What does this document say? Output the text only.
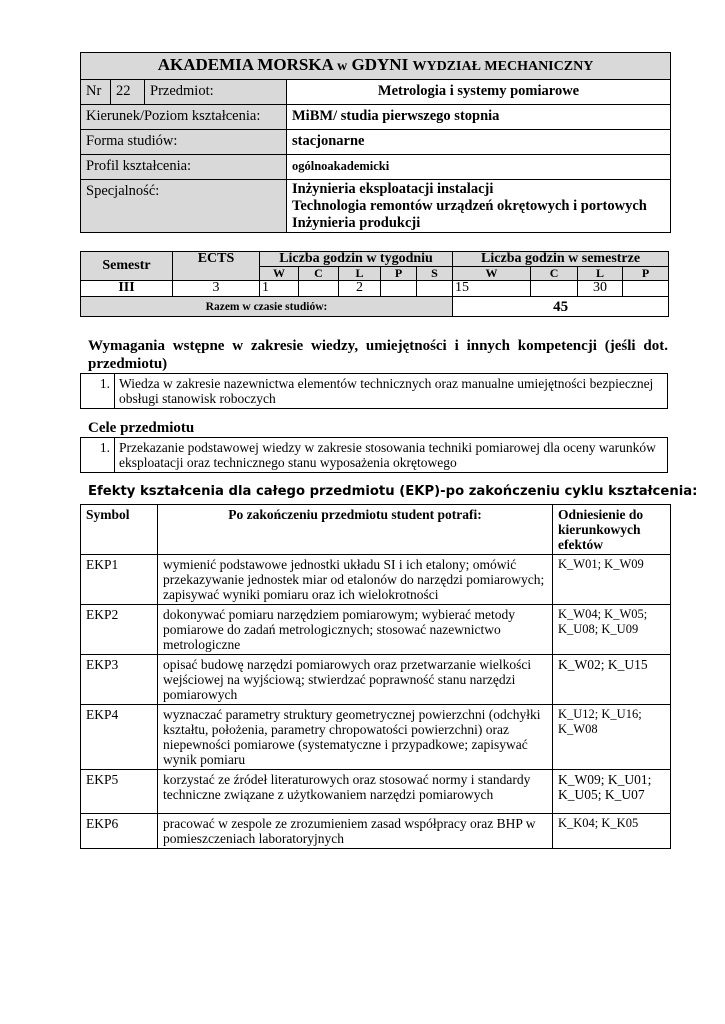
AKADEMIA MORSKA w GDYNI WYDZIAŁ MECHANICZNY			
Nr	22	Przedmiot:	Metrologia i systemy pomiarowe
Kierunek/Poziom kształcenia:			MiBM/ studia pierwszego stopnia
Forma studiów:			stacjonarne
Profil kształcenia:			ogólnoakademicki
Specjalność:			Inżynieria eksploatacji instalacji
Technologia remontów urządzeń okrętowych i portowych
Inżynieria produkcji
Semestr	ECTS	Liczba godzin w tygodniu					Liczba godzin w semestrze			
		W	C	L	P	S	W	C	L	P
III	3	1		2			15		30	
Razem w czasie studiów:							45			
Wymagania wstępne w zakresie wiedzy, umiejętności i innych kompetencji (jeśli dot. przedmiotu)
1.	Wiedza w zakresie nazewnictwa elementów technicznych oraz manualne umiejętności bezpiecznej obsługi stanowisk roboczych
Cele przedmiotu
1.	Przekazanie podstawowej wiedzy w zakresie stosowania techniki pomiarowej dla oceny warunków eksploatacji oraz technicznego stanu wyposażenia okrętowego
Efekty kształcenia dla całego przedmiotu (EKP)-po zakończeniu cyklu kształcenia:
Symbol	Po zakończeniu przedmiotu student potrafi:	Odniesienie do kierunkowych efektów
EKP1	wymienić podstawowe jednostki układu SI i ich etalony; omówić przekazywanie jednostek miar od etalonów do narzędzi pomiarowych; zapisywać wyniki pomiaru oraz ich wielokrotności	K_W01; K_W09
EKP2	dokonywać pomiaru narzędziem pomiarowym; wybierać metody pomiarowe do zadań metrologicznych; stosować nazewnictwo metrologiczne	K_W04; K_W05; K_U08; K_U09
EKP3	opisać budowę narzędzi pomiarowych oraz przetwarzanie wielkości wejściowej na wyjściową; stwierdzać poprawność stanu narzędzi pomiarowych	K_W02; K_U15
EKP4	wyznaczać parametry struktury geometrycznej powierzchni (odchyłki kształtu, położenia, parametry chropowatości powierzchni) oraz niepewności pomiarowe (systematyczne i przypadkowe; zapisywać wynik pomiaru	K_U12; K_U16; K_W08
EKP5	korzystać ze źródeł literaturowych oraz stosować normy i standardy techniczne związane z użytkowaniem narzędzi pomiarowych	K_W09; K_U01; K_U05; K_U07
EKP6	pracować w zespole ze zrozumieniem zasad współpracy oraz BHP w pomieszczeniach laboratoryjnych	K_K04; K_K05
